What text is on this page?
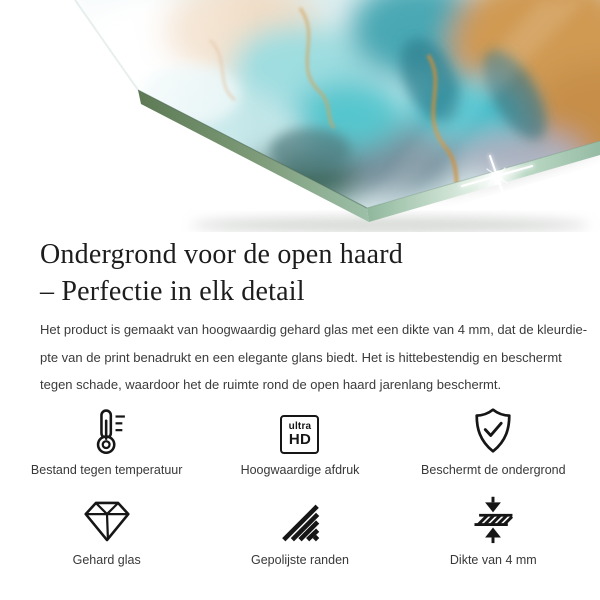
Ondergrond voor de open haard
– Perfectie in elk detail

Het product is gemaakt van hoogwaardig gehard glas met een dikte van 4 mm, dat de kleurdie-
pte van de print benadrukt en een elegante glans biedt. Het is hittebestendig en beschermt
tegen schade, waardoor het de ruimte rond de open haard jarenlang beschermt.

Bestand tegen temperatuur
ultra
HD
Hoogwaardige afdruk	Beschermt de ondergrond
Gehard glas	Gepolijste randen	Dikte van 4 mm
